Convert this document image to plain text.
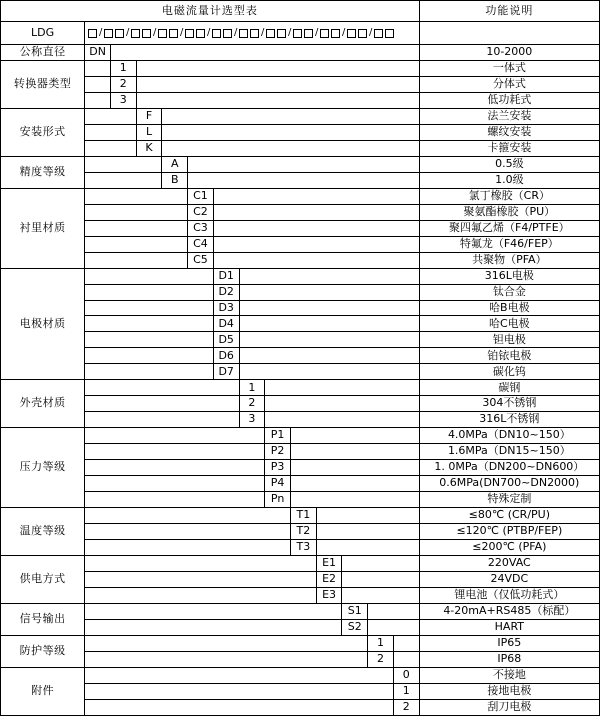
电磁流量计选型表														功能说明
LDG	/ / / / / / / / / / /

公称直径	DN													10-2000
转换器类型		1												一体式
		2												分体式
		3												低功耗式
安装形式			F											法兰安装
			L											螺纹安装
			K											卡箍安装
精度等级				A										0.5级
				B										1.0级
衬里材质					C1									氯丁橡胶（CR）
					C2									聚氨酯橡胶（PU）
					C3									聚四氟乙烯（F4/PTFE）
					C4									特氟龙（F46/FEP）
					C5									共聚物（PFA）
电极材质						D1								316L电极
						D2								钛合金
						D3								哈B电极
						D4								哈C电极
						D5								钽电极
						D6								铂铱电极
						D7								碳化钨
外壳材质							1							碳钢
							2							304不锈钢
							3							316L不锈钢
压力等级								P1						4.0MPa（DN10~150）
								P2						1.6MPa（DN15~150）
								P3						1. 0MPa（DN200~DN600）
								P4						0.6MPa(DN700~DN2000)
								Pn						特殊定制
温度等级									T1					≤80℃ (CR/PU)
									T2					≤120℃ (PTBP/FEP)
									T3					≤200℃ (PFA)
供电方式										E1				220VAC
										E2				24VDC
										E3				锂电池（仅低功耗式）
信号输出											S1			4-20mA+RS485（标配）
											S2			HART
防护等级												1		IP65
												2		IP68
附件													0	不接地
													1	接地电极
													2	刮刀电极
